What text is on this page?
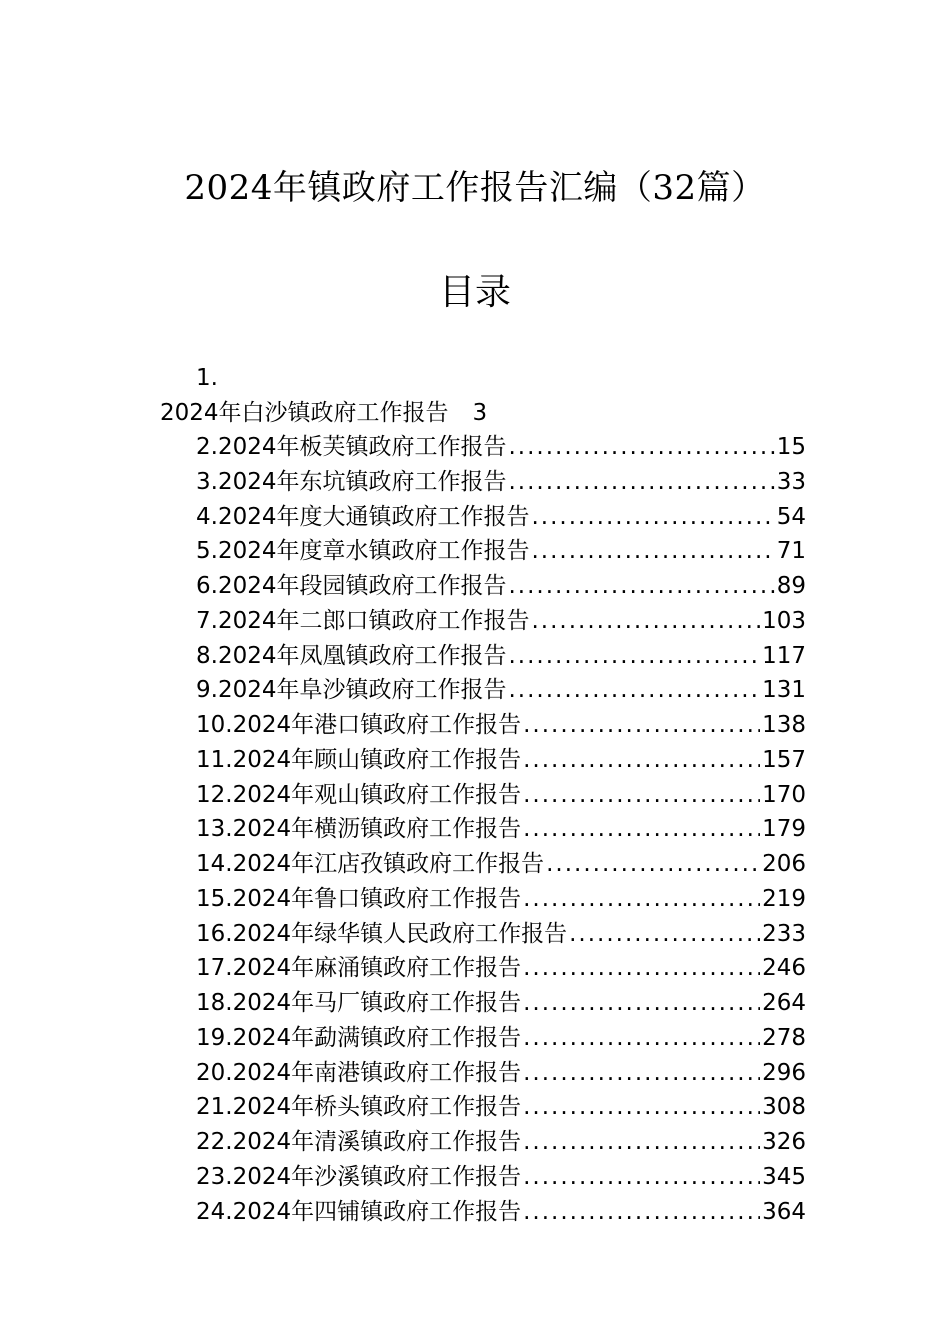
2024年镇政府工作报告汇编（32篇）
目录
1.
2024年白沙镇政府工作报告 3
2.2024年板芙镇政府工作报告 .....	15
3.2024年东坑镇政府工作报告 .....	33
4.2024年度大通镇政府工作报告 .....	54
5.2024年度章水镇政府工作报告 .....	71
6.2024年段园镇政府工作报告 .....	89
7.2024年二郎口镇政府工作报告 .....	103
8.2024年凤凰镇政府工作报告 .....	117
9.2024年阜沙镇政府工作报告 .....	131
10.2024年港口镇政府工作报告 .....	138
11.2024年顾山镇政府工作报告 .....	157
12.2024年观山镇政府工作报告 .....	170
13.2024年横沥镇政府工作报告 .....	179
14.2024年江店孜镇政府工作报告 .....	206
15.2024年鲁口镇政府工作报告 .....	219
16.2024年绿华镇人民政府工作报告 .....	233
17.2024年麻涌镇政府工作报告 .....	246
18.2024年马厂镇政府工作报告 .....	264
19.2024年勐满镇政府工作报告 .....	278
20.2024年南港镇政府工作报告 .....	296
21.2024年桥头镇政府工作报告 .....	308
22.2024年清溪镇政府工作报告 .....	326
23.2024年沙溪镇政府工作报告 .....	345
24.2024年四铺镇政府工作报告 .....	364
